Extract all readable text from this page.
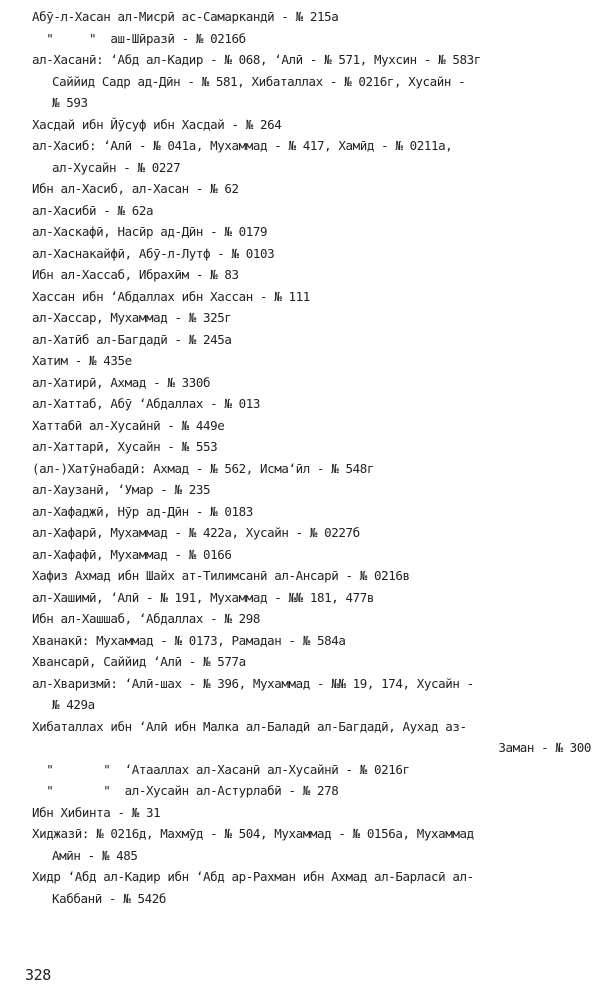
Абӯ-л-Хасан ал-Мисрӣ ас-Самаркандӣ - № 215а
"     "  аш-Шӣразӣ - № 0216б
ал-Хасанӣ: ʻАбд ал-Кадир - № 068, ʻАлӣ - № 571, Мухсин - № 583г
Саййид Садр ад-Дӣн - № 581, Хибаталлах - № 0216г, Хусайн -
№ 593
Хасдай ибн Йӯсуф ибн Хасдай - № 264
ал-Хасиб: ʻАлӣ - № 041а, Мухаммад - № 417, Хамӣд - № 0211а,
ал-Хусайн - № 0227
Ибн ал-Хасиб, ал-Хасан - № 62
ал-Хасибӣ - № 62а
ал-Хаскафӣ, Насӣр ад-Дӣн - № 0179
ал-Хаснакайфӣ, Абӯ-л-Лутф - № 0103
Ибн ал-Хассаб, Ибрахӣм - № 83
Хассан ибн ʻАбдаллах ибн Хассан - № 111
ал-Хассар, Мухаммад - № 325г
ал-Хатӣб ал-Багдадӣ - № 245а
Хатим - № 435е
ал-Хатирӣ, Ахмад - № 330б
ал-Хаттаб, Абӯ ʻАбдаллах - № 013
Хаттабӣ ал-Хусайнӣ - № 449е
ал-Хаттарӣ, Хусайн - № 553
(ал-)Хатӯнабадӣ: Ахмад - № 562, Исмаʻӣл - № 548г
ал-Хаузанӣ, ʻУмар - № 235
ал-Хафаджӣ, Нӯр ад-Дӣн - № 0183
ал-Хафарӣ, Мухаммад - № 422а, Хусайн - № 0227б
ал-Хафафӣ, Мухаммад - № 0166
Хафиз Ахмад ибн Шайх ат-Тилимсанӣ ал-Ансарӣ - № 0216в
ал-Хашимӣ, ʻАлӣ - № 191, Мухаммад - №№ 181, 477в
Ибн ал-Хашшаб, ʻАбдаллах - № 298
Хванакӣ: Мухаммад - № 0173, Рамадан - № 584а
Хвансарӣ, Саййид ʻАлӣ - № 577а
ал-Хваризмӣ: ʻАлӣ-шах - № 396, Мухаммад - №№ 19, 174, Хусайн -
№ 429а
Хибаталлах ибн ʻАлӣ ибн Малка ал-Баладӣ ал-Багдадӣ, Аухад аз-
Заман - № 300
"       "  ʻАтааллах ал-Хасанӣ ал-Хусайнӣ - № 0216г
"       "  ал-Хусайн ал-Астурлабӣ - № 278
Ибн Хибинта - № 31
Хиджазӣ: № 0216д, Махмӯд - № 504, Мухаммад - № 0156а, Мухаммад
Амӣн - № 485
Хидр ʻАбд ал-Кадир ибн ʻАбд ар-Рахман ибн Ахмад ал-Барласӣ ал-
Каббанӣ - № 542б
328
